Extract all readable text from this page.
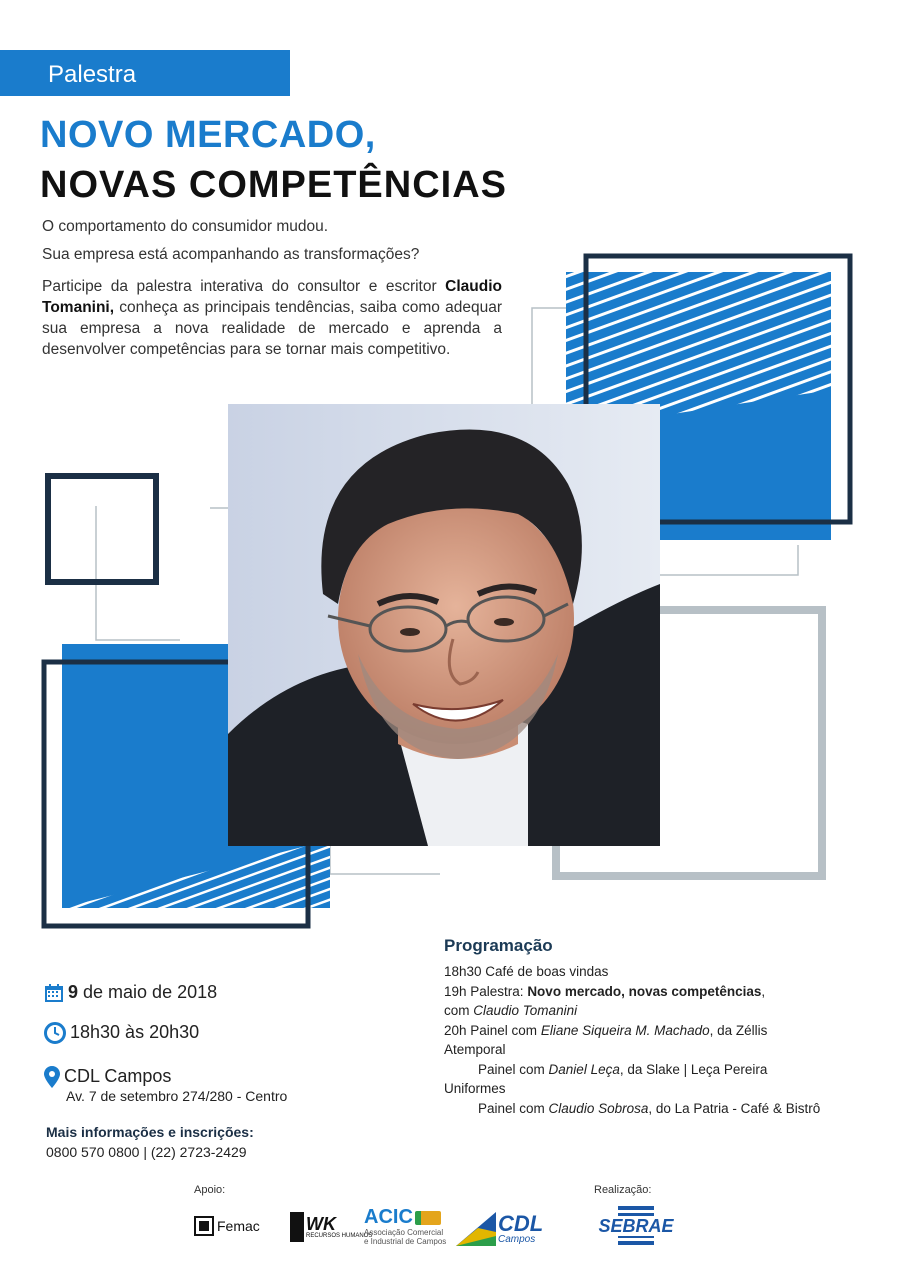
Palestra
NOVO MERCADO,
NOVAS COMPETÊNCIAS
O comportamento do consumidor mudou.
Sua empresa está acompanhando as transformações?
Participe da palestra interativa do consultor e escritor Claudio Tomanini, conheça as principais tendências, saiba como adequar sua empresa a nova realidade de mercado e aprenda a desenvolver competências para se tornar mais competitivo.
9 de maio de 2018
18h30 às 20h30
CDL Campos
Av. 7 de setembro 274/280 - Centro
Mais informações e inscrições:
0800 570 0800 | (22) 2723-2429
Programação
18h30 Café de boas vindas
19h Palestra: Novo mercado, novas competências,
com Claudio Tomanini
20h Painel com Eliane Siqueira M. Machado, da Zéllis Atemporal
Painel com Daniel Leça, da Slake | Leça Pereira Uniformes
Painel com Claudio Sobrosa, do La Patria - Café & Bistrô
Apoio:	Realização:
Femac	WK
RECURSOS HUMANOS
ACIC
Associação Comercial
e Industrial de Campos
CDL
Campos
SEBRAE
